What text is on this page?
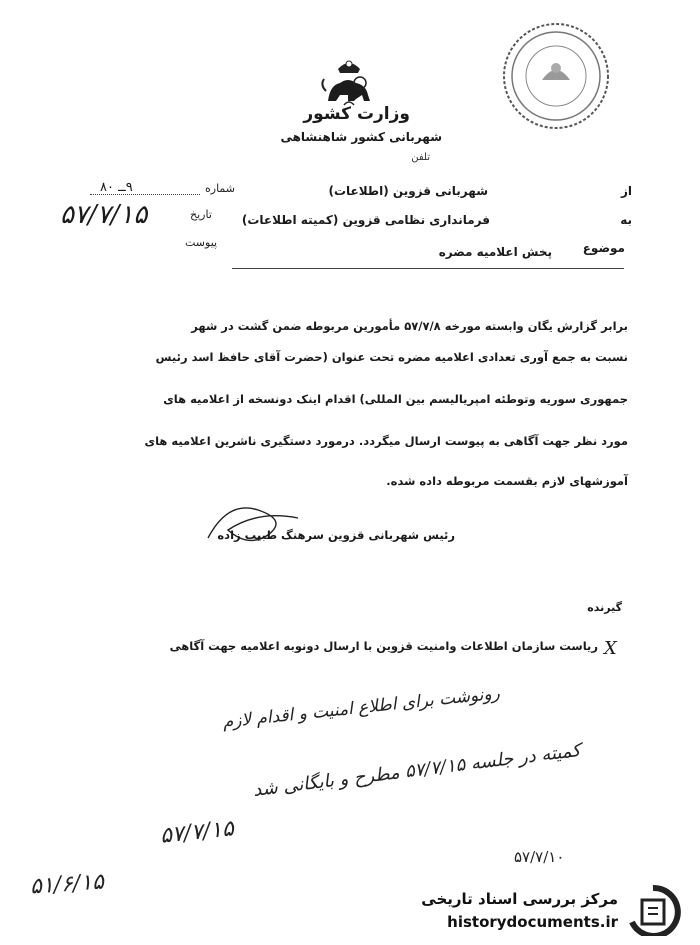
وزارت کشور
شهربانی کشور شاهنشاهی
تلفن
شماره
۹ــ ۸۰
تاریخ
۵۷/۷/۱۵
پیوست
از
شهربانی قزوین (اطلاعات)
به
فرمانداری نظامی قزوین (کمیته اطلاعات)
موضوع
پخش اعلامیه مضره
برابر گزارش یگان وابسته مورخه ۵۷/۷/۸ مأمورین مربوطه ضمن گشت در شهر
نسبت به جمع آوری تعدادی اعلامیه مضره تحت عنوان (حضرت آقای حافظ اسد رئیس
جمهوری سوریه وتوطئه امپریالیسم بین المللی) اقدام اینک دونسخه از اعلامیه های
مورد نظر جهت آگاهی به پیوست ارسال میگردد. درمورد دستگیری ناشرین اعلامیه های
آموزشهای لازم بقسمت مربوطه داده شده.
رئیس شهربانی قزوین سرهنگ طبیب زاده
گیرنده
ریاست سازمان اطلاعات وامنیت قزوین با ارسال دونوبه اعلامیه جهت آگاهی X
رونوشت برای اطلاع امنیت و اقدام لازم
کمیته در جلسه ۵۷/۷/۱۵ مطرح و بایگانی شد
۵۷/۷/۱۵
۵۱/۶/۱۵
۵۷/۷/۱۰
مرکز بررسی اسناد تاریخی
historydocuments.ir
